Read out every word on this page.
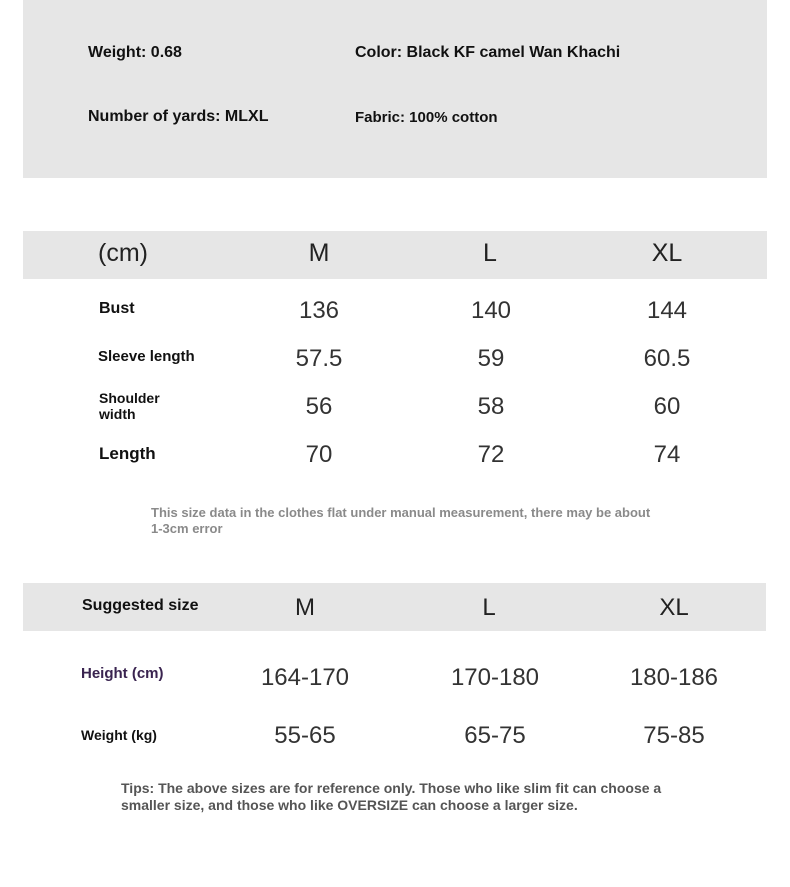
Weight: 0.68	Color: Black KF camel Wan Khachi
Number of yards: MLXL	Fabric: 100% cotton
(cm)	M	L	XL
Bust	136	140	144
Sleeve length	57.5	59	60.5
Shoulder width	56	58	60
Length	70	72	74
This size data in the clothes flat under manual measurement, there may be about 1-3cm error
Suggested size	M	L	XL
Height (cm)	164-170	170-180	180-186
Weight (kg)	55-65	65-75	75-85
Tips: The above sizes are for reference only. Those who like slim fit can choose a smaller size, and those who like OVERSIZE can choose a larger size.
